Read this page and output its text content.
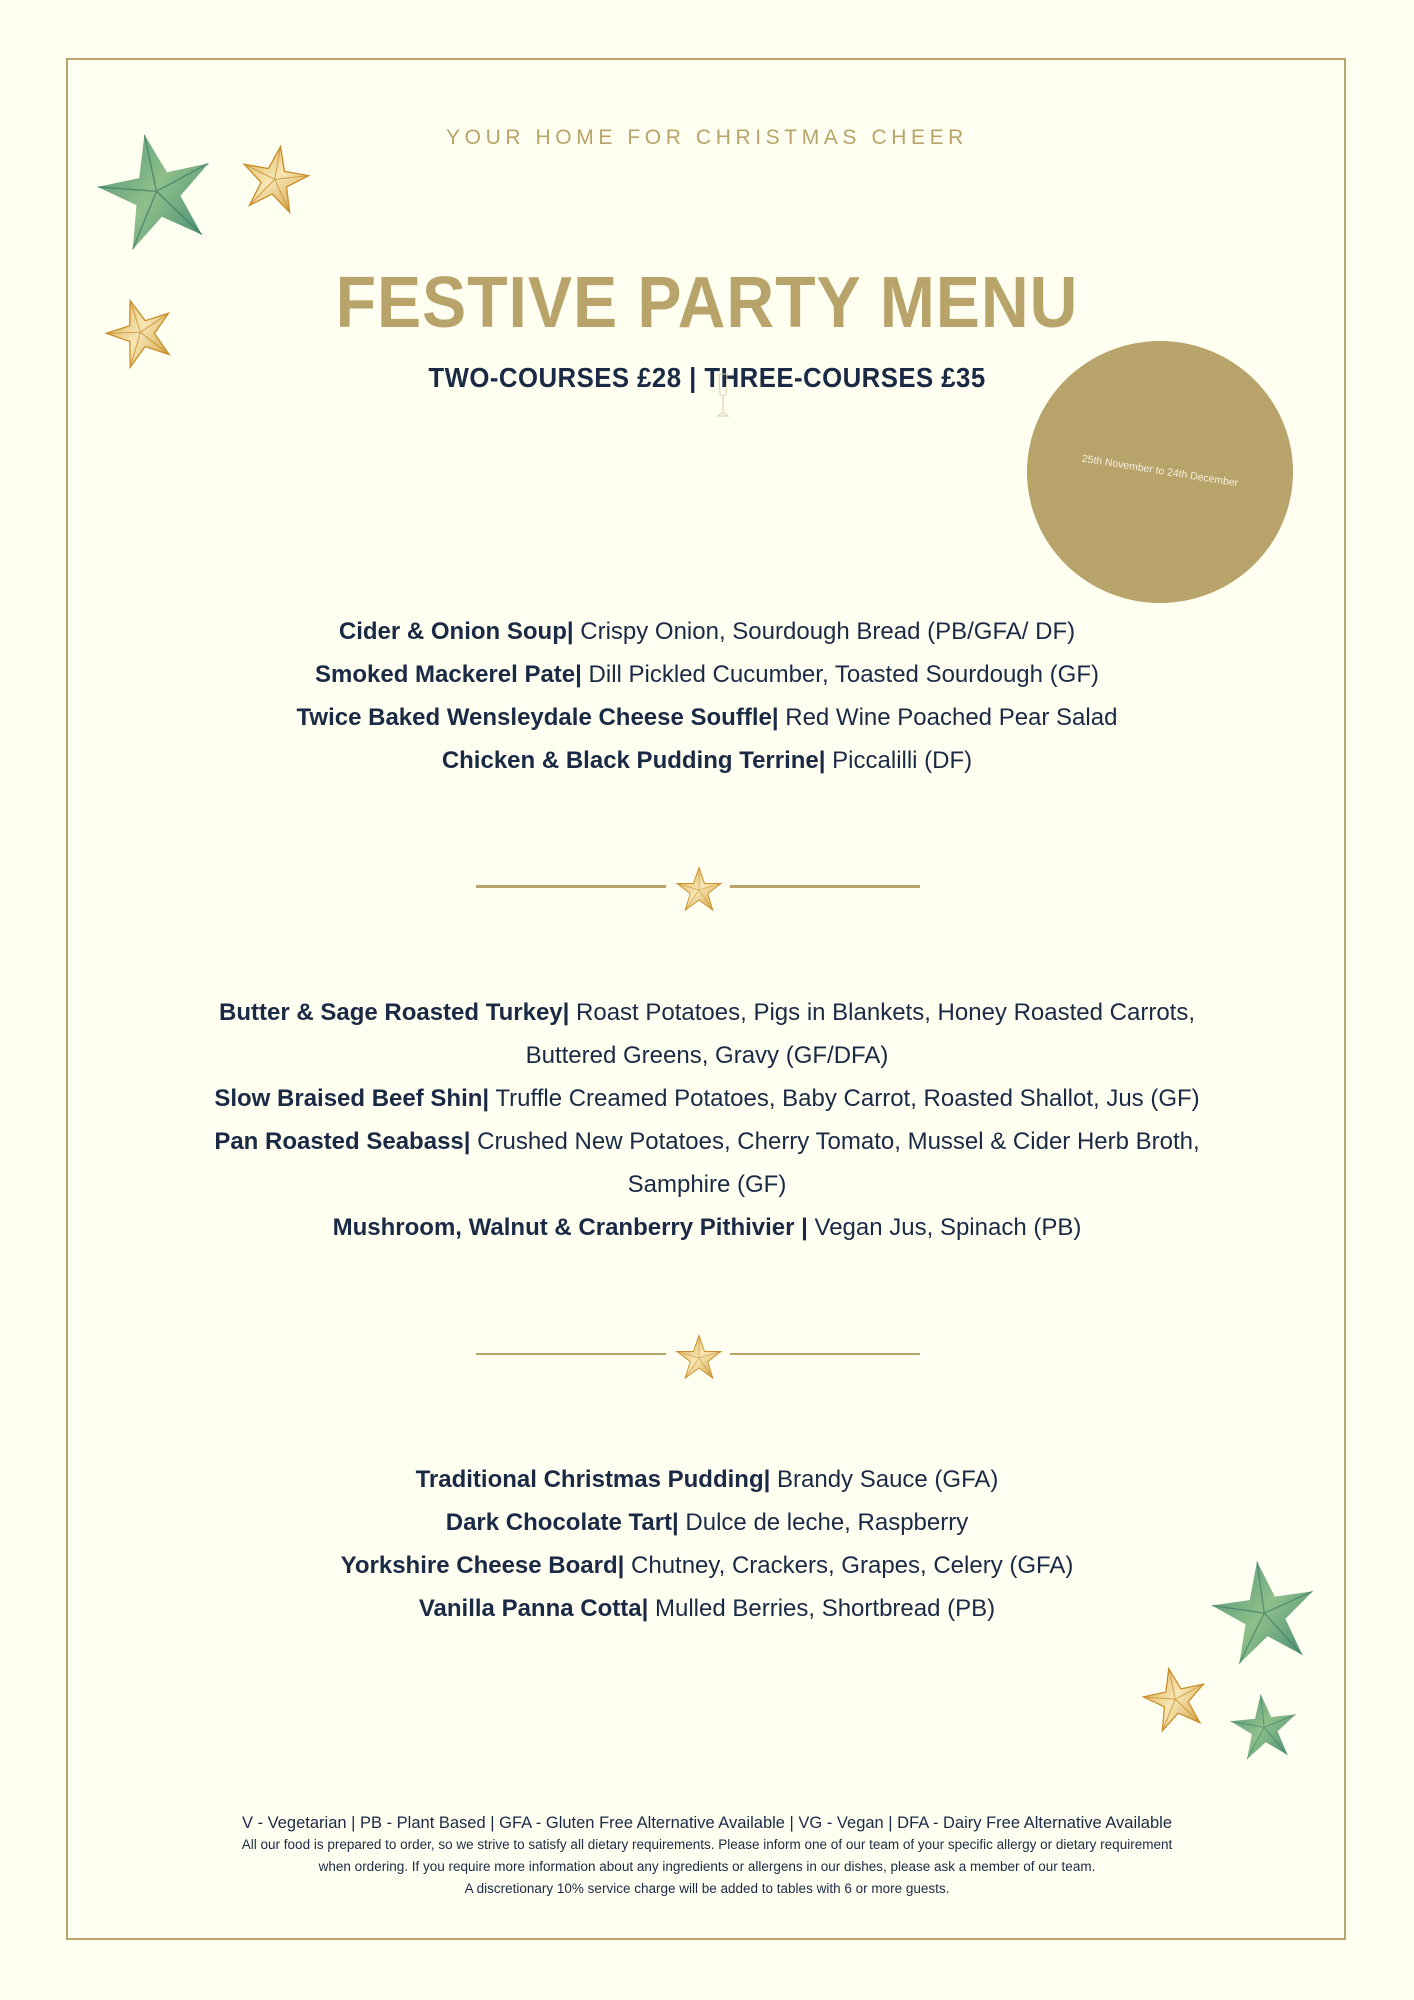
YOUR HOME FOR CHRISTMAS CHEER
FESTIVE PARTY MENU
TWO-COURSES £28 | THREE-COURSES £35
25th November to 24th December
Cider & Onion Soup| Crispy Onion, Sourdough Bread (PB/GFA/ DF)
Smoked Mackerel Pate| Dill Pickled Cucumber, Toasted Sourdough (GF)
Twice Baked Wensleydale Cheese Souffle| Red Wine Poached Pear Salad
Chicken & Black Pudding Terrine| Piccalilli (DF)
Butter & Sage Roasted Turkey| Roast Potatoes, Pigs in Blankets, Honey Roasted Carrots,
Buttered Greens, Gravy (GF/DFA)
Slow Braised Beef Shin| Truffle Creamed Potatoes, Baby Carrot, Roasted Shallot, Jus (GF)
Pan Roasted Seabass| Crushed New Potatoes, Cherry Tomato, Mussel & Cider Herb Broth,
Samphire (GF)
Mushroom, Walnut & Cranberry Pithivier | Vegan Jus, Spinach (PB)
Traditional Christmas Pudding| Brandy Sauce (GFA)
Dark Chocolate Tart| Dulce de leche, Raspberry
Yorkshire Cheese Board| Chutney, Crackers, Grapes, Celery (GFA)
Vanilla Panna Cotta| Mulled Berries, Shortbread (PB)
V - Vegetarian | PB - Plant Based | GFA - Gluten Free Alternative Available | VG - Vegan | DFA - Dairy Free Alternative Available
All our food is prepared to order, so we strive to satisfy all dietary requirements. Please inform one of our team of your specific allergy or dietary requirement
when ordering. If you require more information about any ingredients or allergens in our dishes, please ask a member of our team.
A discretionary 10% service charge will be added to tables with 6 or more guests.
